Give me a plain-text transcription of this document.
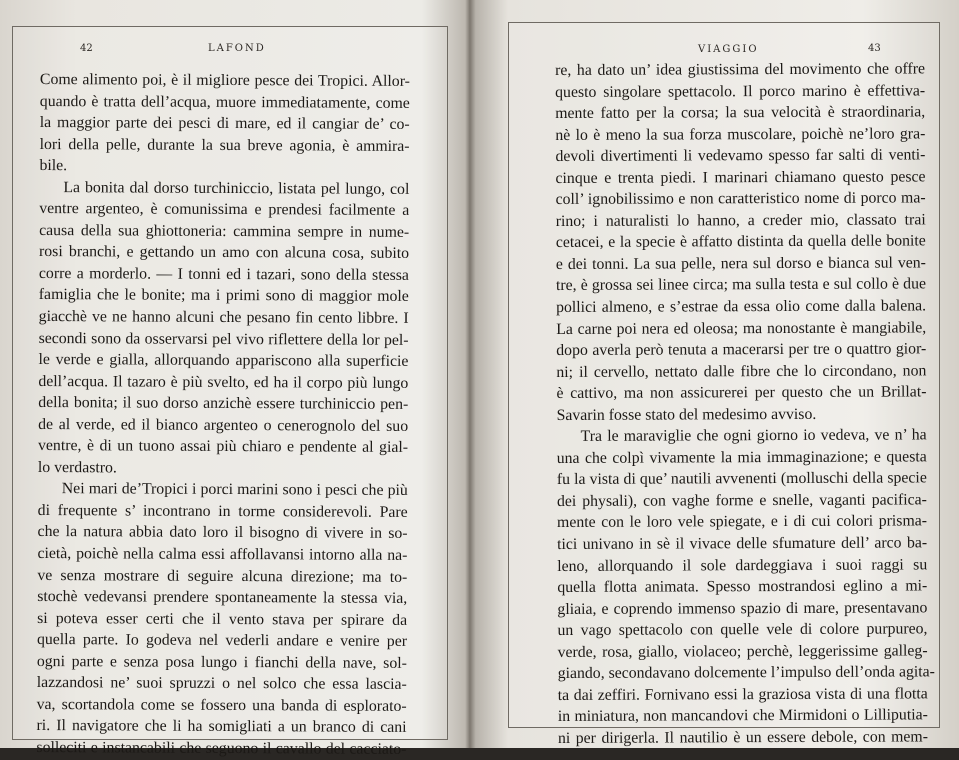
42	LAFOND
Come alimento poi, è il migliore pesce dei Tropici. Allor-
quando è tratta dell’acqua, muore immediatamente, come
la maggior parte dei pesci di mare, ed il cangiar de’ co-
lori della pelle, durante la sua breve agonia, è ammira-
bile.
La bonita dal dorso turchiniccio, listata pel lungo, col
ventre argenteo, è comunissima e prendesi facilmente a
causa della sua ghiottoneria: cammina sempre in nume-
rosi branchi, e gettando un amo con alcuna cosa, subito
corre a morderlo. — I tonni ed i tazari, sono della stessa
famiglia che le bonite; ma i primi sono di maggior mole
giacchè ve ne hanno alcuni che pesano fin cento libbre. I
secondi sono da osservarsi pel vivo riflettere della lor pel-
le verde e gialla, allorquando appariscono alla superficie
dell’acqua. Il tazaro è più svelto, ed ha il corpo più lungo
della bonita; il suo dorso anzichè essere turchiniccio pen-
de al verde, ed il bianco argenteo o cenerognolo del suo
ventre, è di un tuono assai più chiaro e pendente al gial-
lo verdastro.
Nei mari de’Tropici i porci marini sono i pesci che più
di frequente s’ incontrano in torme considerevoli. Pare
che la natura abbia dato loro il bisogno di vivere in so-
cietà, poichè nella calma essi affollavansi intorno alla na-
ve senza mostrare di seguire alcuna direzione; ma to-
stochè vedevansi prendere spontaneamente la stessa via,
si poteva esser certi che il vento stava per spirare da
quella parte. Io godeva nel vederli andare e venire per
ogni parte e senza posa lungo i fianchi della nave, sol-
lazzandosi ne’ suoi spruzzi o nel solco che essa lascia-
va, scortandola come se fossero una banda di esplorato-
ri. Il navigatore che li ha somigliati a un branco di cani
solleciti e instancabili che seguono il cavallo del cacciato-
VIAGGIO	43
re, ha dato un’ idea giustissima del movimento che offre
questo singolare spettacolo. Il porco marino è effettiva-
mente fatto per la corsa; la sua velocità è straordinaria,
nè lo è meno la sua forza muscolare, poichè ne’loro gra-
devoli divertimenti li vedevamo spesso far salti di venti-
cinque e trenta piedi. I marinari chiamano questo pesce
coll’ ignobilissimo e non caratteristico nome di porco ma-
rino; i naturalisti lo hanno, a creder mio, classato trai
cetacei, e la specie è affatto distinta da quella delle bonite
e dei tonni. La sua pelle, nera sul dorso e bianca sul ven-
tre, è grossa sei linee circa; ma sulla testa e sul collo è due
pollici almeno, e s’estrae da essa olio come dalla balena.
La carne poi nera ed oleosa; ma nonostante è mangiabile,
dopo averla però tenuta a macerarsi per tre o quattro gior-
ni; il cervello, nettato dalle fibre che lo circondano, non
è cattivo, ma non assicurerei per questo che un Brillat-
Savarin fosse stato del medesimo avviso.
Tra le maraviglie che ogni giorno io vedeva, ve n’ ha
una che colpì vivamente la mia immaginazione; e questa
fu la vista di que’ nautili avvenenti (molluschi della specie
dei physali), con vaghe forme e snelle, vaganti pacifica-
mente con le loro vele spiegate, e i di cui colori prisma-
tici univano in sè il vivace delle sfumature dell’ arco ba-
leno, allorquando il sole dardeggiava i suoi raggi su
quella flotta animata. Spesso mostrandosi eglino a mi-
gliaia, e coprendo immenso spazio di mare, presentavano
un vago spettacolo con quelle vele di colore purpureo,
verde, rosa, giallo, violaceo; perchè, leggerissime galleg-
giando, secondavano dolcemente l’impulso dell’onda agita-
ta dai zeffiri. Fornivano essi la graziosa vista di una flotta
in miniatura, non mancandovi che Mirmidoni o Lilliputia-
ni per dirigerla. Il nautilio è un essere debole, con mem-
